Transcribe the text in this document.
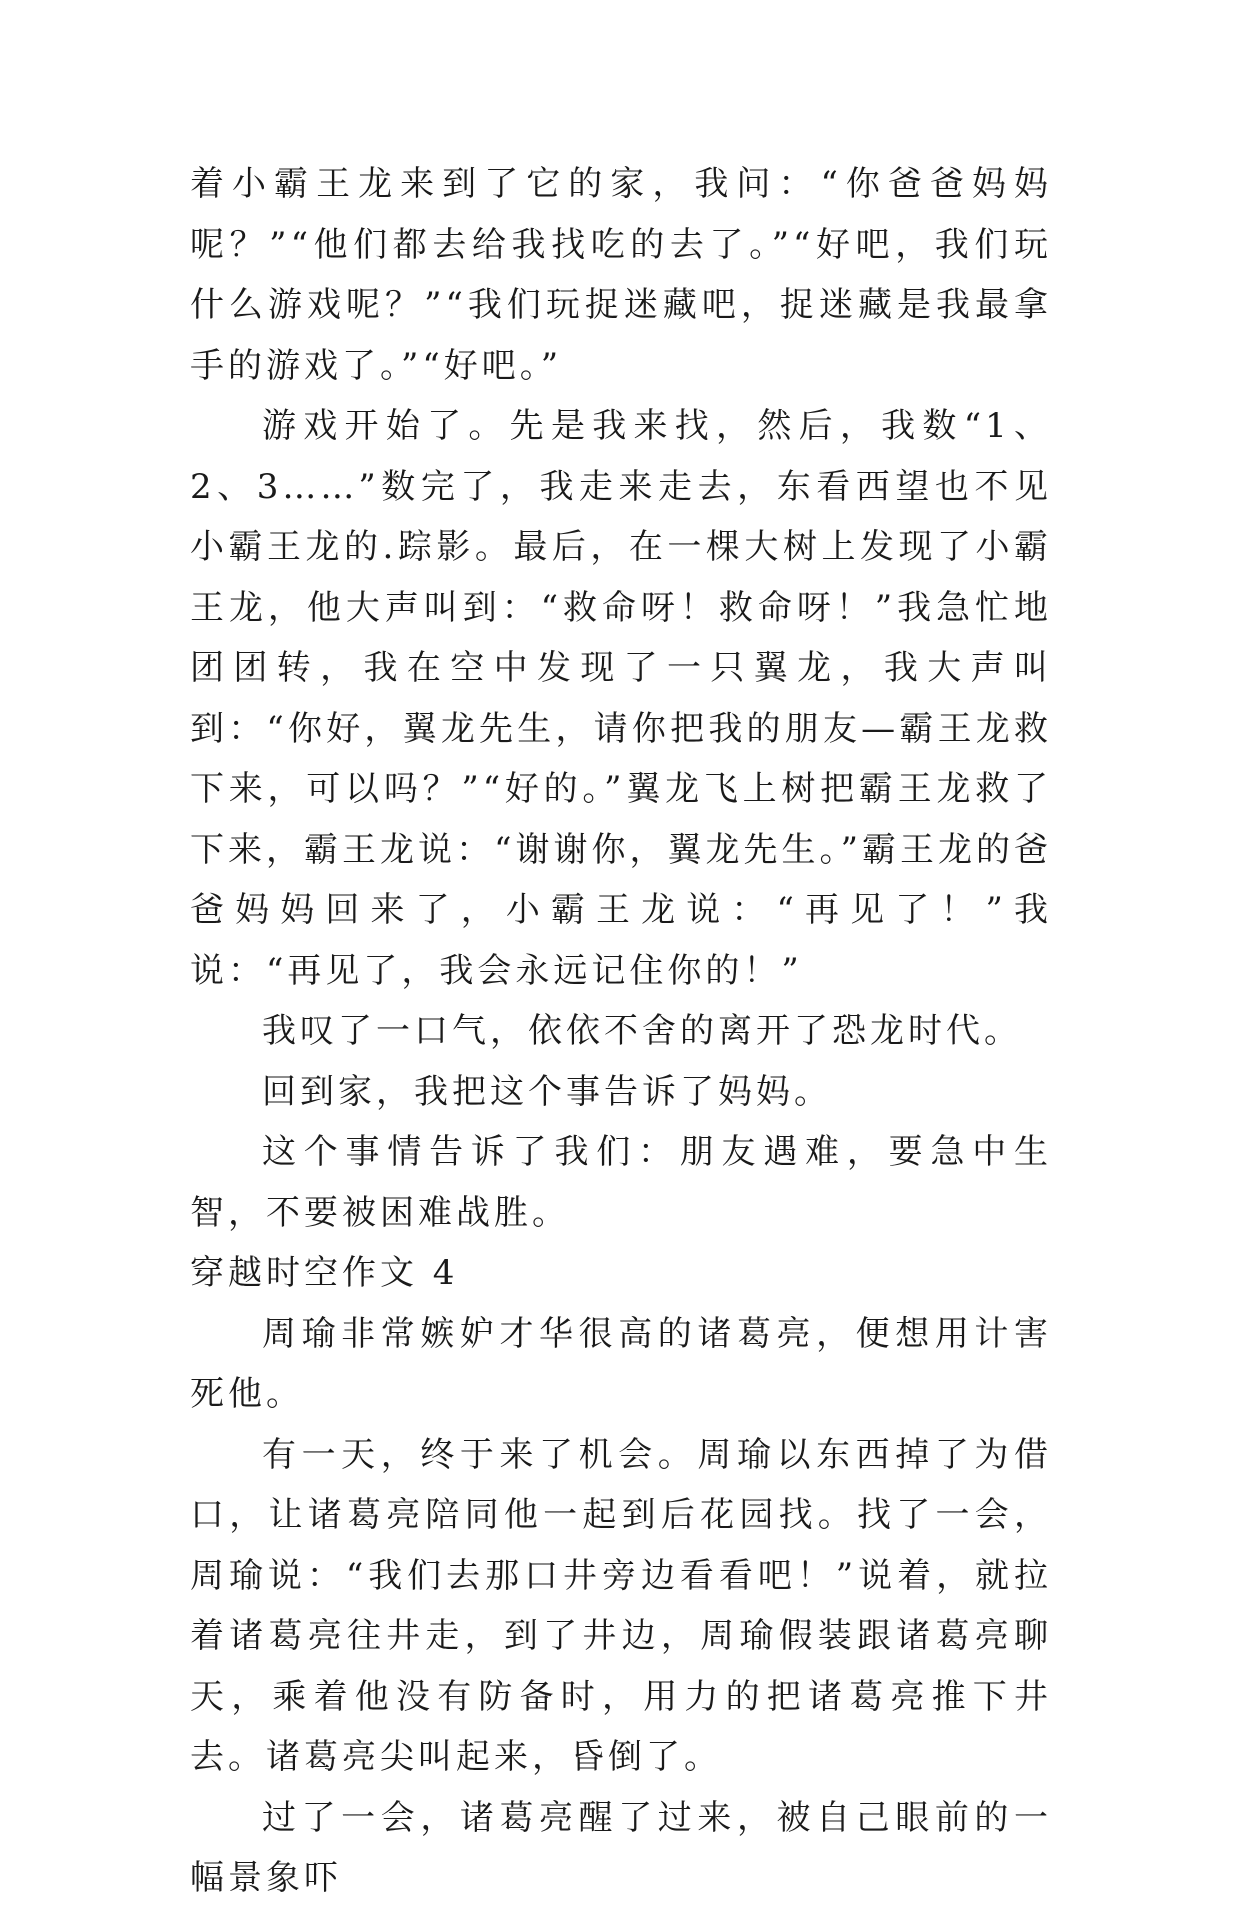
着小霸王龙来到了它的家，我问：“你爸爸妈妈呢？”“他们都去给我找吃的去了。”“好吧，我们玩什么游戏呢？”“我们玩捉迷藏吧，捉迷藏是我最拿手的游戏了。”“好吧。”

游戏开始了。先是我来找，然后，我数“1、2、3……”数完了，我走来走去，东看西望也不见小霸王龙的.踪影。最后，在一棵大树上发现了小霸王龙，他大声叫到：“救命呀！救命呀！”我急忙地团团转，我在空中发现了一只翼龙，我大声叫到：“你好，翼龙先生，请你把我的朋友—霸王龙救下来，可以吗？”“好的。”翼龙飞上树把霸王龙救了下来，霸王龙说：“谢谢你，翼龙先生。”霸王龙的爸爸妈妈回来了，小霸王龙说：“再见了！”我说：“再见了，我会永远记住你的！”

我叹了一口气，依依不舍的离开了恐龙时代。

回到家，我把这个事告诉了妈妈。

这个事情告诉了我们：朋友遇难，要急中生智，不要被困难战胜。

穿越时空作文 4

周瑜非常嫉妒才华很高的诸葛亮，便想用计害死他。

有一天，终于来了机会。周瑜以东西掉了为借口，让诸葛亮陪同他一起到后花园找。找了一会，周瑜说：“我们去那口井旁边看看吧！”说着，就拉着诸葛亮往井走，到了井边，周瑜假装跟诸葛亮聊天，乘着他没有防备时，用力的把诸葛亮推下井去。诸葛亮尖叫起来，昏倒了。

过了一会，诸葛亮醒了过来，被自己眼前的一幅景象吓
